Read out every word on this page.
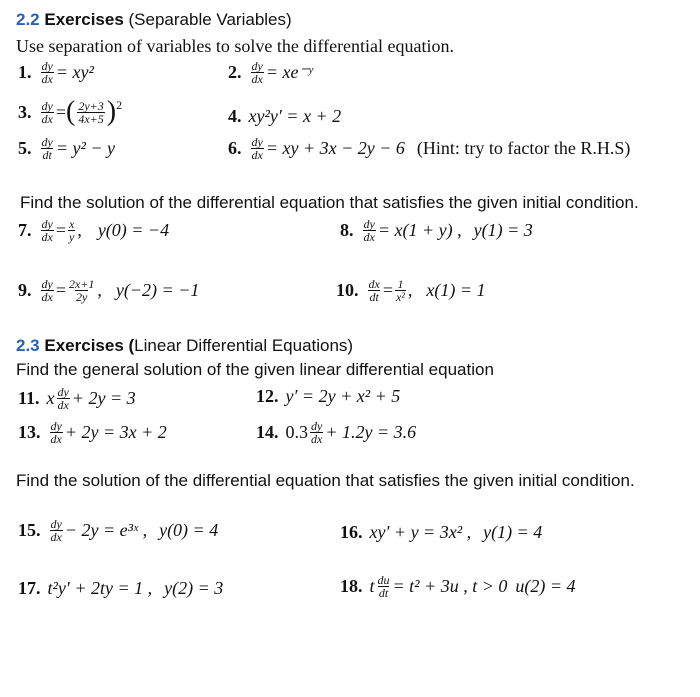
2.2 Exercises (Separable Variables)
Use separation of variables to solve the differential equation.
1. $\frac{dy}{dx} = xy^2$	2. $\frac{dy}{dx}$ = xe⁻ʸ
3. $\frac{dy}{dx}$ = ( $\frac{2y+3}{4x+5} )^2$
4. xy²y′ = x + 2
5. $\frac{dy}{dt} = y^2 - y$	6. $\frac{dy}{dx}$ = xy + 3x − 2y − 6 (Hint: try to factor the R.H.S)
Find the solution of the differential equation that satisfies the given initial condition.
7. $\frac{dy}{dx} = \frac{x}{y}$ , y(0) = −4	8. $\frac{dy}{dx} = x(1 + y)$ , y(1) = 3
9. $\frac{dy}{dx} = \frac{2x+1}{2y}$ , y(−2) = −1	10. $\frac{dx}{dt} = \frac{1}{\text{x²}}$ , x(1) = 1
2.3 Exercises (Linear Differential Equations)
Find the general solution of the given linear differential equation
11. x $\frac{dy}{dx} + 2y = 3$	12. y′ = 2y + x² + 5
13. $\frac{dy}{dx} + 2y = 3x + 2$	14. $0.3 \frac{dy}{dx} + 1.2y = 3.6$
Find the solution of the differential equation that satisfies the given initial condition.
15. $\frac{dy}{dx} - 2y$ = e³ˣ , y(0) = 4	16. xy′ + y = 3x² , y(1) = 4
17. t²y′ + 2ty = 1 , y(2) = 3	18. t $\frac{du}{dt} = t^2 + 3u$ , t > 0 u(2) = 4
